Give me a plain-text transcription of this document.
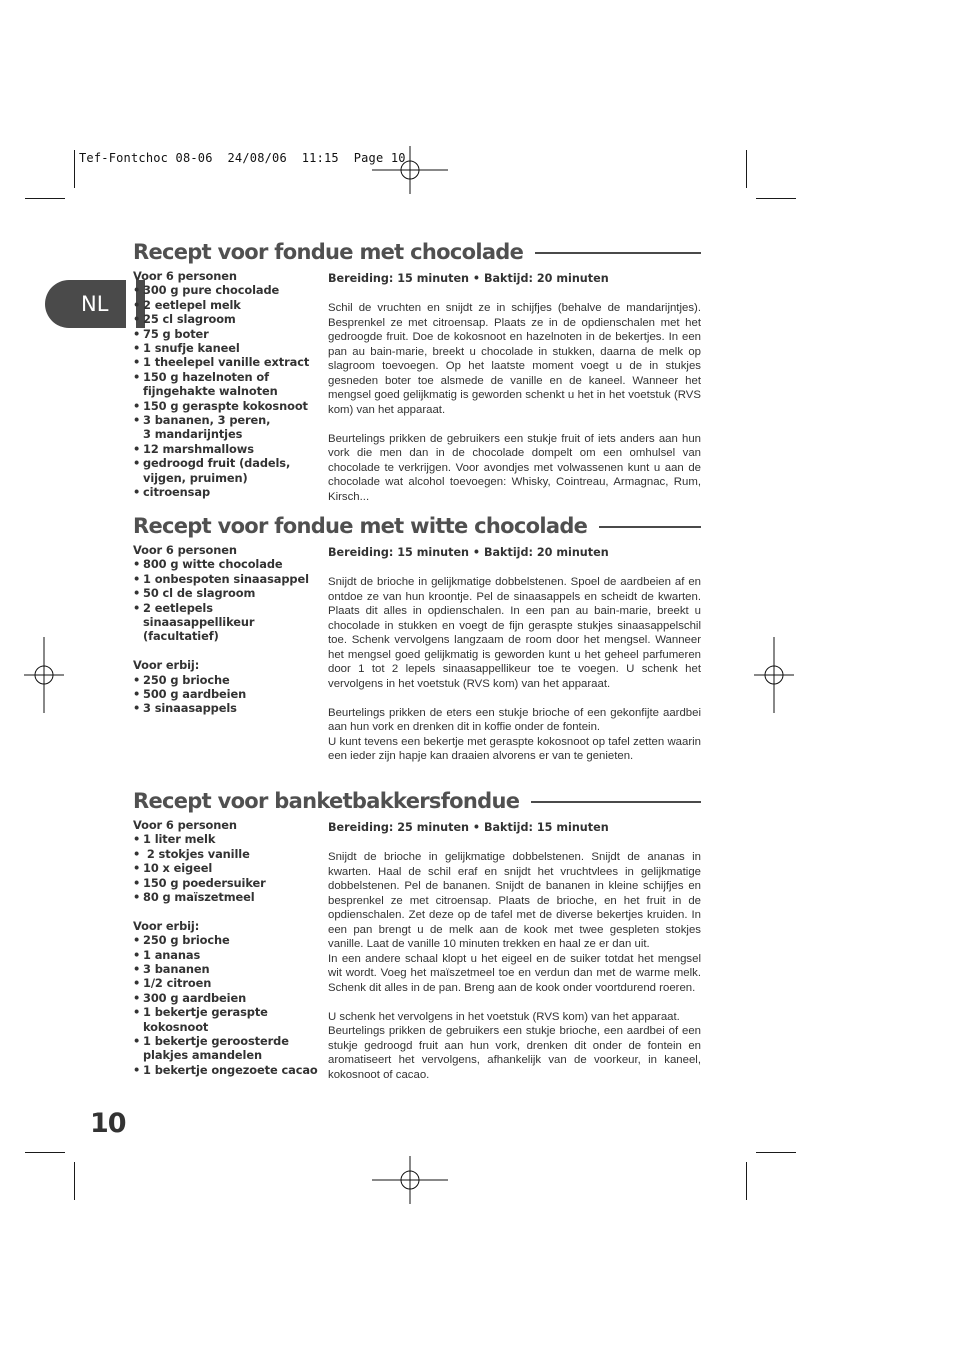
Tef-Fontchoc 08-06  24/08/06  11:15  Page 10
NL
Recept voor fondue met chocolade
Voor 6 personen
• 300 g pure chocolade
• 2 eetlepel melk
• 25 cl slagroom
• 75 g boter
• 1 snufje kaneel
• 1 theelepel vanille extract
• 150 g hazelnoten of fijngehakte walnoten
• 150 g geraspte kokosnoot
• 3 bananen, 3 peren, 3 mandarijntjes
• 12 marshmallows
• gedroogd fruit (dadels, vijgen, pruimen)
• citroensap
Bereiding: 15 minuten • Baktijd: 20 minuten

Schil de vruchten en snijdt ze in schijfjes (behalve de mandarijntjes). Besprenkel ze met citroensap. Plaats ze in de opdienschalen met het gedroogde fruit. Doe de kokosnoot en hazelnoten in de bekertjes. In een pan au bain-marie, breekt u chocolade in stukken, daarna de melk op slagroom toevoegen. Op het laatste moment voegt u de in stukjes gesneden boter toe alsmede de vanille en de kaneel. Wanneer het mengsel goed gelijkmatig is geworden schenkt u het in het voetstuk (RVS kom) van het apparaat.

Beurtelings prikken de gebruikers een stukje fruit of iets anders aan hun vork die men dan in de chocolade dompelt om een omhulsel van chocolade te verkrijgen. Voor avondjes met volwassenen kunt u aan de chocolade wat alcohol toevoegen: Whisky, Cointreau, Armagnac, Rum, Kirsch...

Recept voor fondue met witte chocolade
Voor 6 personen
• 800 g witte chocolade
• 1 onbespoten sinaasappel
• 50 cl de slagroom
• 2 eetlepels sinaasappellikeur (facultatief)
Voor erbij:
• 250 g brioche
• 500 g aardbeien
• 3 sinaasappels
Bereiding: 15 minuten • Baktijd: 20 minuten

Snijdt de brioche in gelijkmatige dobbelstenen. Spoel de aardbeien af en ontdoe ze van hun kroontje. Pel de sinaasappels en scheidt de kwarten. Plaats dit alles in opdienschalen. In een pan au bain-marie, breekt u chocolade in stukken en voegt de fijn geraspte stukjes sinaasappelschil toe. Schenk vervolgens langzaam de room door het mengsel. Wanneer het mengsel goed gelijkmatig is geworden kunt u het geheel parfumeren door 1 tot 2 lepels sinaasappellikeur toe te voegen. U schenk het vervolgens in het voetstuk (RVS kom) van het apparaat.

Beurtelings prikken de eters een stukje brioche of een gekonfijte aardbei aan hun vork en drenken dit in koffie onder de fontein.

U kunt tevens een bekertje met geraspte kokosnoot op tafel zetten waarin een ieder zijn hapje kan draaien alvorens er van te genieten.

Recept voor banketbakkersfondue
Voor 6 personen
• 1 liter melk
•  2 stokjes vanille
• 10 x eigeel
• 150 g poedersuiker
• 80 g maïszetmeel
Voor erbij:
• 250 g brioche
• 1 ananas
• 3 bananen
• 1/2 citroen
• 300 g aardbeien
• 1 bekertje geraspte kokosnoot
• 1 bekertje geroosterde plakjes amandelen
• 1 bekertje ongezoete cacao
Bereiding: 25 minuten • Baktijd: 15 minuten

Snijdt de brioche in gelijkmatige dobbelstenen. Snijdt de ananas in kwarten. Haal de schil eraf en snijdt het vruchtvlees in gelijkmatige dobbelstenen. Pel de bananen. Snijdt de bananen in kleine schijfjes en besprenkel ze met citroensap. Plaats de brioche, en het fruit in de opdienschalen. Zet deze op de tafel met de diverse bekertjes kruiden. In een pan brengt u de melk aan de kook met twee gespleten stokjes vanille. Laat de vanille 10 minuten trekken en haal ze er dan uit.

In een andere schaal klopt u het eigeel en de suiker totdat het mengsel wit wordt. Voeg het maïszetmeel toe en verdun dan met de warme melk. Schenk dit alles in de pan. Breng aan de kook onder voortdurend roeren.

U schenk het vervolgens in het voetstuk (RVS kom) van het apparaat.

Beurtelings prikken de gebruikers een stukje brioche, een aardbei of een stukje gedroogd fruit aan hun vork, drenken dit onder de fontein en aromatiseert het vervolgens, afhankelijk van de voorkeur, in kaneel, kokosnoot of cacao.

10
